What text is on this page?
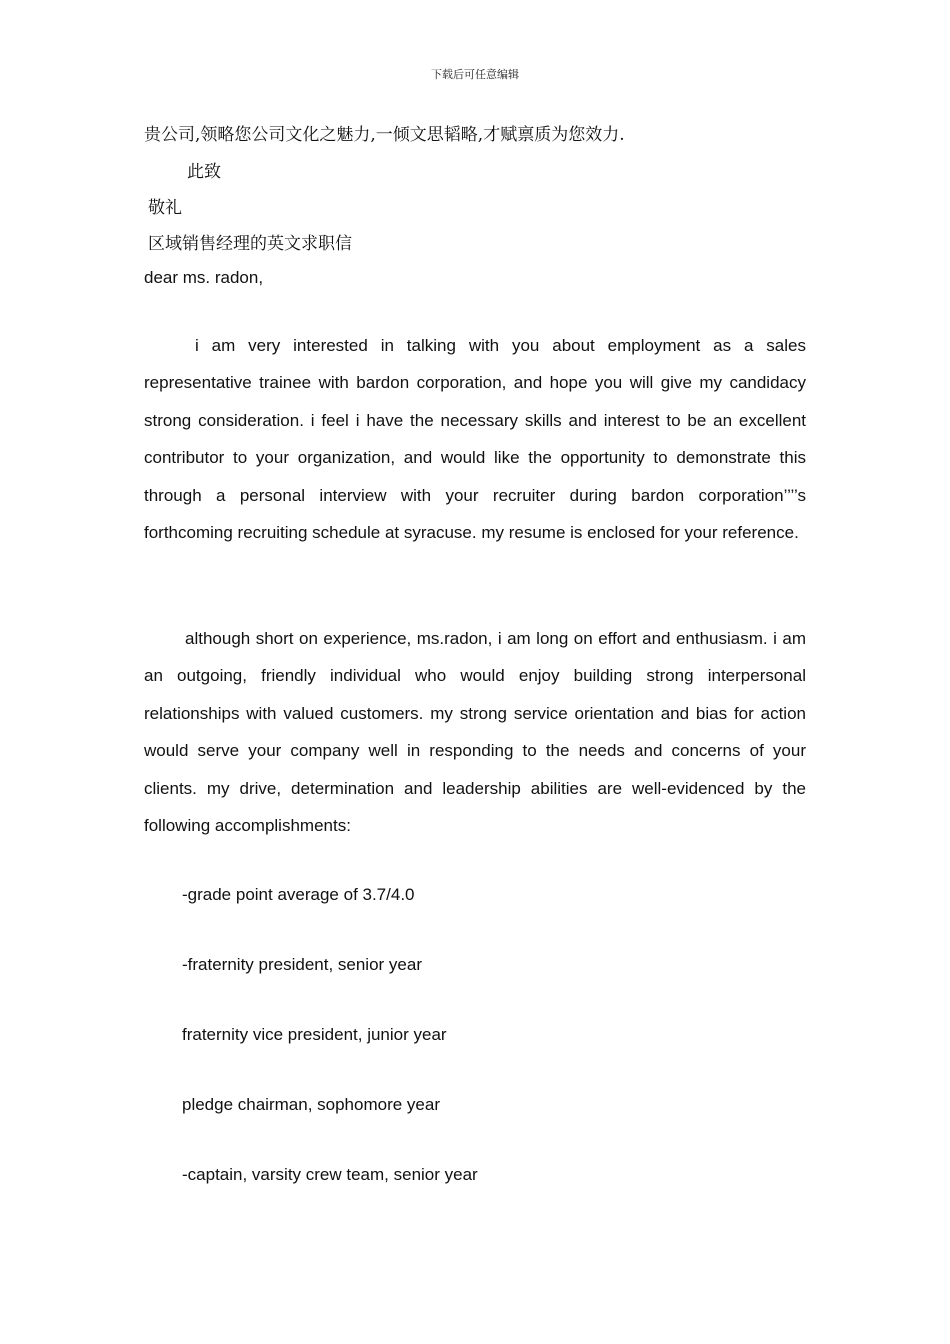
下载后可任意编辑
贵公司,领略您公司文化之魅力,一倾文思韬略,才赋禀质为您效力.
此致
敬礼
区域销售经理的英文求职信
dear ms. radon,
i am very interested in talking with you about employment as a sales representative trainee with bardon corporation, and hope you will give my candidacy strong consideration. i feel i have the necessary skills and interest to be an excellent contributor to your organization, and would like the opportunity to demonstrate this through a personal interview with your recruiter during bardon corporation’’’’s forthcoming recruiting schedule at syracuse. my resume is enclosed for your reference.
although short on experience, ms.radon, i am long on effort and enthusiasm. i am an outgoing, friendly individual who would enjoy building strong interpersonal relationships with valued customers. my strong service orientation and bias for action would serve your company well in responding to the needs and concerns of your clients. my drive, determination and leadership abilities are well-evidenced by the following accomplishments:
-grade point average of 3.7/4.0
-fraternity president, senior year
fraternity vice president, junior year
pledge chairman, sophomore year
-captain, varsity crew team, senior year
